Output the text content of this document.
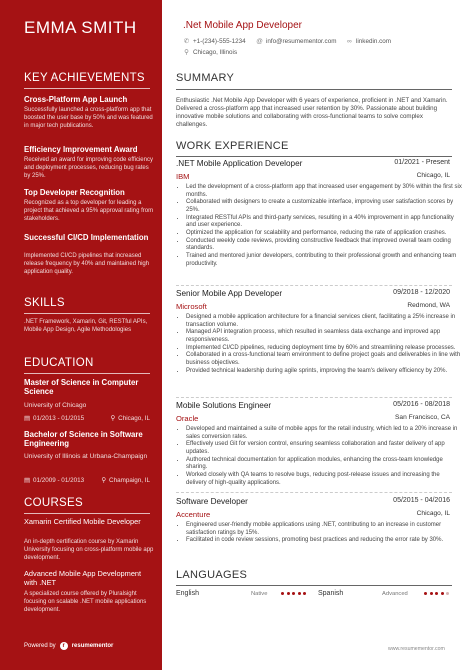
EMMA SMITH
KEY ACHIEVEMENTS
Cross-Platform App Launch
Successfully launched a cross-platform app that boosted the user base by 50% and was featured in major tech publications.
Efficiency Improvement Award
Received an award for improving code efficiency and deployment processes, reducing bug rates by 25%.
Top Developer Recognition
Recognized as a top developer for leading a project that achieved a 95% approval rating from stakeholders.
Successful CI/CD Implementation
Implemented CI/CD pipelines that increased release frequency by 40% and maintained high application quality.
SKILLS
.NET Framework, Xamarin, Git, RESTful APIs, Mobile App Design, Agile Methodologies
EDUCATION
Master of Science in Computer Science
University of Chicago
▤ 01/2013 - 01/2015	⚲ Chicago, IL
Bachelor of Science in Software Engineering
University of Illinois at Urbana-Champaign
▤ 01/2009 - 01/2013	⚲ Champaign, IL
COURSES
Xamarin Certified Mobile Developer
An in-depth certification course by Xamarin University focusing on cross-platform mobile app development.
Advanced Mobile App Development with .NET
A specialized course offered by Pluralsight focusing on scalable .NET mobile applications development.
Powered by	r	resumementor
.Net Mobile App Developer
✆ +1-(234)-555-1234 @ info@resumementor.com ∞ linkedin.com
⚲ Chicago, Illinois
SUMMARY
Enthusiastic .Net Mobile App Developer with 6 years of experience, proficient in .NET and Xamarin. Delivered a cross-platform app that increased user retention by 30%. Passionate about building innovative mobile solutions and collaborating with cross-functional teams to solve complex challenges.
WORK EXPERIENCE
.NET Mobile Application Developer	01/2021 - Present
IBM	Chicago, IL
• Led the development of a cross-platform app that increased user engagement by 30% within the first six months.
• Collaborated with designers to create a customizable interface, improving user satisfaction scores by 25%.
• Integrated RESTful APIs and third-party services, resulting in a 40% improvement in app functionality and user experience.
• Optimized the application for scalability and performance, reducing the rate of application crashes.
• Conducted weekly code reviews, providing constructive feedback that improved overall team coding standards.
• Trained and mentored junior developers, contributing to their professional growth and enhancing team productivity.
Senior Mobile App Developer	09/2018 - 12/2020
Microsoft	Redmond, WA
• Designed a mobile application architecture for a financial services client, facilitating a 25% increase in transaction volume.
• Managed API integration process, which resulted in seamless data exchange and improved app responsiveness.
• Implemented CI/CD pipelines, reducing deployment time by 60% and streamlining release processes.
• Collaborated in a cross-functional team environment to define project goals and deliverables in line with business objectives.
• Provided technical leadership during agile sprints, improving the team's delivery efficiency by 20%.
Mobile Solutions Engineer	05/2016 - 08/2018
Oracle	San Francisco, CA
• Developed and maintained a suite of mobile apps for the retail industry, which led to a 20% increase in sales conversion rates.
• Effectively used Git for version control, ensuring seamless collaboration and faster delivery of app updates.
• Authored technical documentation for application modules, enhancing the cross-team knowledge sharing.
• Worked closely with QA teams to resolve bugs, reducing post-release issues and increasing the delivery of high-quality applications.
Software Developer	05/2015 - 04/2016
Accenture	Chicago, IL
• Engineered user-friendly mobile applications using .NET, contributing to an increase in customer satisfaction ratings by 15%.
• Facilitated in code review sessions, promoting best practices and reducing the error rate by 30%.
LANGUAGES
English	Native	Spanish	Advanced
www.resumementor.com
